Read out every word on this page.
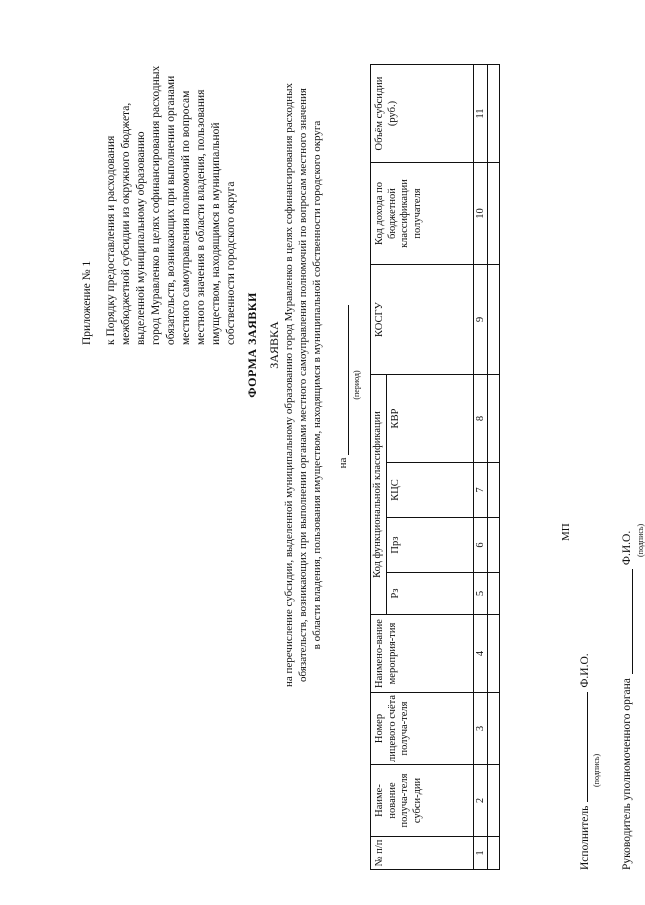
Приложение № 1 к Порядку предоставления и расходования межбюджетной субсидии из окружного бюджета, выделенной муниципальному образованию город Муравленко в целях софинансирования расходных обязательств, возникающих при выполнении органами местного самоуправления полномочий по вопросам местного значения в области владения, пользования имуществом, находящимся в муниципальной собственности городского округа ФОРМА ЗАЯВКИ ЗАЯВКА на перечисление субсидии, выделенной муниципальному образованию город Муравленко в целях софинансирования расходных обязательств, возникающих при выполнении органами местного самоуправления полномочий по вопросам местного значения в области владения, пользования имуществом, находящимся в муниципальной собственности городского округа на
(период)
№ п/п	Наиме-нование получа-теля субси-дии	Номер лицевого счёта получа-теля	Наимено-вание мероприя-тия	Код функциональной классификации				КОСГУ	Код дохода по бюджетной классификации получателя	Объём субсидии (руб.)
				Рз	Прз	КЦС	КВР			
1	2	3	4	5	6	7	8	9	10	11

МП
ИсполнительФ.И.О.
(подпись) Руководитель уполномоченного органа
Ф.И.О. (подпись)
